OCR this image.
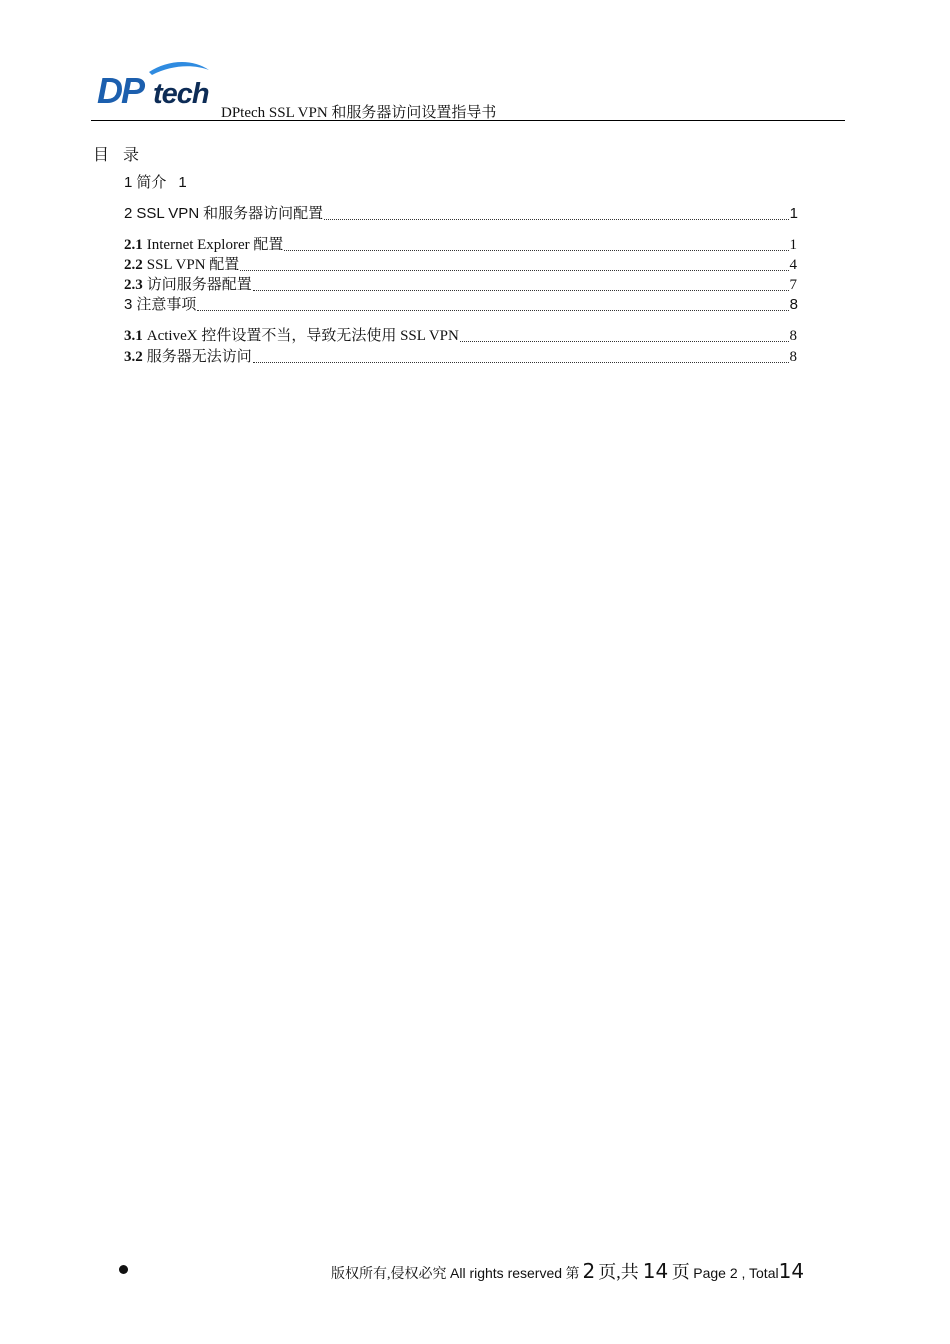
DP tech
DPtech SSL VPN 和服务器访问设置指导书
目 录
1 简介 1
2 SSL VPN 和服务器访问配置	1
2.1 Internet Explorer 配置	1
2.2 SSL VPN 配置	4
2.3 访问服务器配置	7
3 注意事项	8
3.1 ActiveX 控件设置不当，导致无法使用 SSL VPN	8
3.2 服务器无法访问	8
版权所有,侵权必究 All rights reserved 第 2 页,共 14 页 Page 2 , Total14
